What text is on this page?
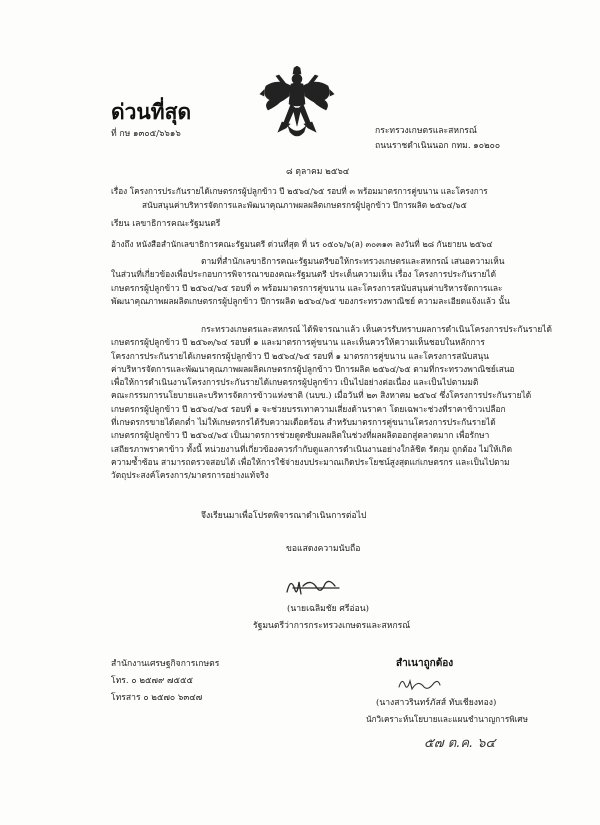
ด่วนที่สุด
ที่ กษ ๑๓๐๕/๖๖๑๖	กระทรวงเกษตรและสหกรณ์
ถนนราชดำเนินนอก กทม. ๑๐๒๐๐
๘ ตุลาคม ๒๕๖๔
เรื่อง โครงการประกันรายได้เกษตรกรผู้ปลูกข้าว ปี ๒๕๖๔/๖๕ รอบที่ ๓ พร้อมมาตรการคู่ขนาน และโครงการ
สนับสนุนค่าบริหารจัดการและพัฒนาคุณภาพผลผลิตเกษตรกรผู้ปลูกข้าว ปีการผลิต ๒๕๖๔/๖๕
เรียน เลขาธิการคณะรัฐมนตรี
อ้างถึง หนังสือสำนักเลขาธิการคณะรัฐมนตรี ด่วนที่สุด ที่ นร ๐๕๐๖/๖(ล) ๓๐๓๑๓ ลงวันที่ ๒๘ กันยายน ๒๕๖๔
ตามที่สำนักเลขาธิการคณะรัฐมนตรีขอให้กระทรวงเกษตรและสหกรณ์ เสนอความเห็น
ในส่วนที่เกี่ยวข้องเพื่อประกอบการพิจารณาของคณะรัฐมนตรี ประเด็นความเห็น เรื่อง โครงการประกันรายได้
เกษตรกรผู้ปลูกข้าว ปี ๒๕๖๔/๖๕ รอบที่ ๓ พร้อมมาตรการคู่ขนาน และโครงการสนับสนุนค่าบริหารจัดการและ
พัฒนาคุณภาพผลผลิตเกษตรกรผู้ปลูกข้าว ปีการผลิต ๒๕๖๔/๖๕ ของกระทรวงพาณิชย์ ความละเอียดแจ้งแล้ว นั้น
กระทรวงเกษตรและสหกรณ์ ได้พิจารณาแล้ว เห็นควรรับทราบผลการดำเนินโครงการประกันรายได้
เกษตรกรผู้ปลูกข้าว ปี ๒๕๖๓/๖๔ รอบที่ ๑ และมาตรการคู่ขนาน และเห็นควรให้ความเห็นชอบในหลักการ
โครงการประกันรายได้เกษตรกรผู้ปลูกข้าว ปี ๒๕๖๔/๖๕ รอบที่ ๑ มาตรการคู่ขนาน และโครงการสนับสนุน
ค่าบริหารจัดการและพัฒนาคุณภาพผลผลิตเกษตรกรผู้ปลูกข้าว ปีการผลิต ๒๕๖๔/๖๕ ตามที่กระทรวงพาณิชย์เสนอ
เพื่อให้การดำเนินงานโครงการประกันรายได้เกษตรกรผู้ปลูกข้าว เป็นไปอย่างต่อเนื่อง และเป็นไปตามมติ
คณะกรรมการนโยบายและบริหารจัดการข้าวแห่งชาติ (นบข.) เมื่อวันที่ ๒๓ สิงหาคม ๒๕๖๔ ซึ่งโครงการประกันรายได้
เกษตรกรผู้ปลูกข้าว ปี ๒๕๖๔/๖๕ รอบที่ ๑ จะช่วยบรรเทาความเสี่ยงด้านราคา โดยเฉพาะช่วงที่ราคาข้าวเปลือก
ที่เกษตรกรขายได้ตกต่ำ ไม่ให้เกษตรกรได้รับความเดือดร้อน สำหรับมาตรการคู่ขนานโครงการประกันรายได้
เกษตรกรผู้ปลูกข้าว ปี ๒๕๖๔/๖๕ เป็นมาตรการช่วยดูดซับผลผลิตในช่วงที่ผลผลิตออกสู่ตลาดมาก เพื่อรักษา
เสถียรภาพราคาข้าว ทั้งนี้ หน่วยงานที่เกี่ยวข้องควรกำกับดูแลการดำเนินงานอย่างใกล้ชิด รัดกุม ถูกต้อง ไม่ให้เกิด
ความซ้ำซ้อน สามารถตรวจสอบได้ เพื่อให้การใช้จ่ายงบประมาณเกิดประโยชน์สูงสุดแก่เกษตรกร และเป็นไปตาม
วัตถุประสงค์โครงการ/มาตรการอย่างแท้จริง
จึงเรียนมาเพื่อโปรดพิจารณาดำเนินการต่อไป
ขอแสดงความนับถือ
(นายเฉลิมชัย ศรีอ่อน)
รัฐมนตรีว่าการกระทรวงเกษตรและสหกรณ์
สำนักงานเศรษฐกิจการเกษตร
โทร. ๐ ๒๕๗๙ ๗๕๕๕
โทรสาร ๐ ๒๕๗๐ ๖๓๔๗
สำเนาถูกต้อง
(นางสาวรินทร์ภัสส์ ทับเชียงทอง)
นักวิเคราะห์นโยบายและแผนชำนาญการพิเศษ
๕๗ ต.ค. ๖๔
